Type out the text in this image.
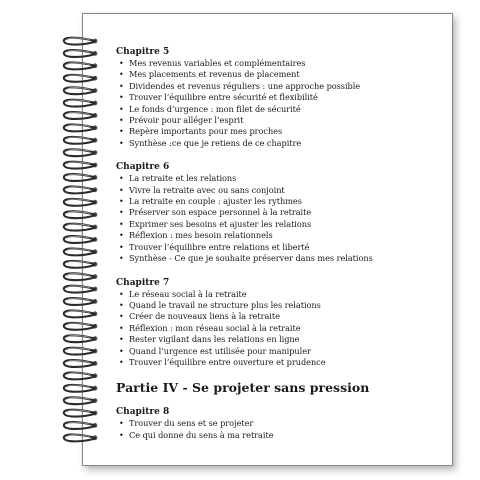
Chapitre 5
• Mes revenus variables et complémentaires
• Mes placements et revenus de placement
• Dividendes et revenus réguliers : une approche possible
• Trouver l’équilibre entre sécurité et flexibilité
• Le fonds d’urgence : mon filet de sécurité
• Prévoir pour alléger l’esprit
• Repère importants pour mes proches
• Synthèse :ce que je retiens de ce chapitre
Chapitre 6
• La retraite et les relations
• Vivre la retraite avec ou sans conjoint
• La retraite en couple : ajuster les rythmes
• Préserver son espace personnel à la retraite
• Exprimer ses besoins et ajuster les relations
• Réflexion : mes besoin relationnels
• Trouver l’équilibre entre relations et liberté
• Synthèse - Ce que je souhaite préserver dans mes relations
Chapitre 7
• Le réseau social à la retraite
• Quand le travail ne structure plus les relations
• Créer de nouveaux liens à la retraite
• Réflexion : mon réseau social à la retraite
• Rester vigilant dans les relations en ligne
• Quand l’urgence est utilisée pour manipuler
• Trouver l’équilibre entre ouverture et prudence
Partie IV - Se projeter sans pression
Chapitre 8
• Trouver du sens et se projeter
• Ce qui donne du sens à ma retraite
